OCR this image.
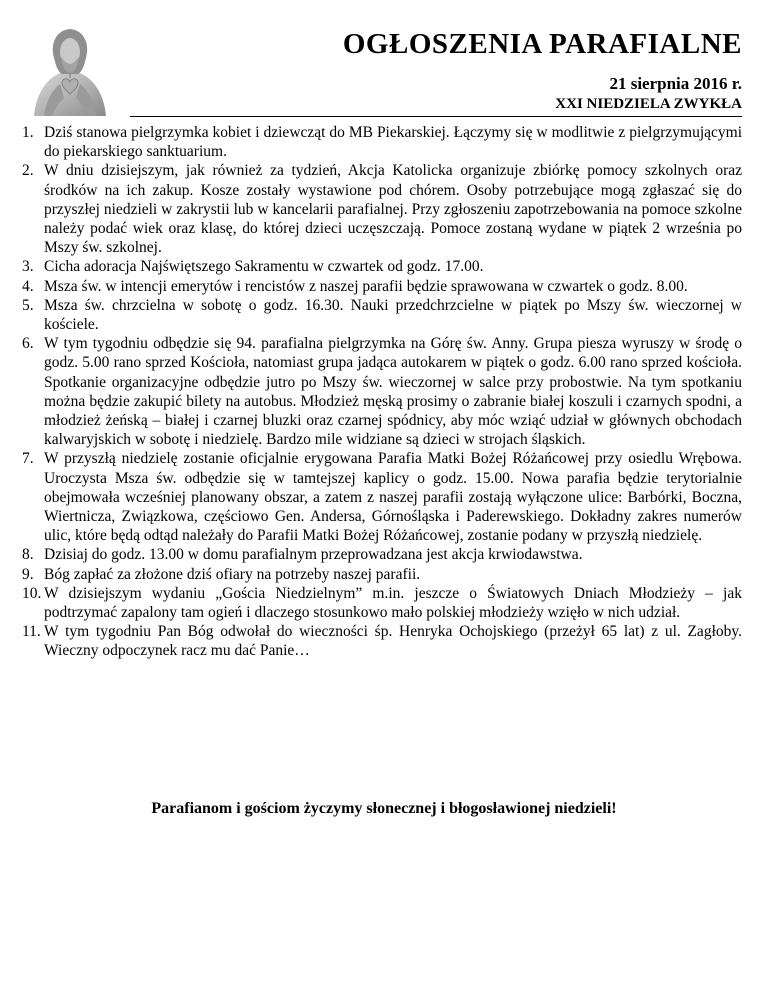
OGŁOSZENIA PARAFIALNE
21 sierpnia 2016 r.
XXI NIEDZIELA ZWYKŁA
1. Dziś stanowa pielgrzymka kobiet i dziewcząt do MB Piekarskiej. Łączymy się w modlitwie z pielgrzymującymi do piekarskiego sanktuarium.
2. W dniu dzisiejszym, jak również za tydzień, Akcja Katolicka organizuje zbiórkę pomocy szkolnych oraz środków na ich zakup. Kosze zostały wystawione pod chórem. Osoby potrzebujące mogą zgłaszać się do przyszłej niedzieli w zakrystii lub w kancelarii parafialnej. Przy zgłoszeniu zapotrzebowania na pomoce szkolne należy podać wiek oraz klasę, do której dzieci uczęszczają. Pomoce zostaną wydane w piątek 2 września po Mszy św. szkolnej.
3. Cicha adoracja Najświętszego Sakramentu w czwartek od godz. 17.00.
4. Msza św. w intencji emerytów i rencistów z naszej parafii będzie sprawowana w czwartek o godz. 8.00.
5. Msza św. chrzcielna w sobotę o godz. 16.30. Nauki przedchrzcielne w piątek po Mszy św. wieczornej w kościele.
6. W tym tygodniu odbędzie się 94. parafialna pielgrzymka na Górę św. Anny. Grupa piesza wyruszy w środę o godz. 5.00 rano sprzed Kościoła, natomiast grupa jadąca autokarem w piątek o godz. 6.00 rano sprzed kościoła. Spotkanie organizacyjne odbędzie jutro po Mszy św. wieczornej w salce przy probostwie. Na tym spotkaniu można będzie zakupić bilety na autobus. Młodzież męską prosimy o zabranie białej koszuli i czarnych spodni, a młodzież żeńską – białej i czarnej bluzki oraz czarnej spódnicy, aby móc wziąć udział w głównych obchodach kalwaryjskich w sobotę i niedzielę. Bardzo mile widziane są dzieci w strojach śląskich.
7. W przyszłą niedzielę zostanie oficjalnie erygowana Parafia Matki Bożej Różańcowej przy osiedlu Wrębowa. Uroczysta Msza św. odbędzie się w tamtejszej kaplicy o godz. 15.00. Nowa parafia będzie terytorialnie obejmowała wcześniej planowany obszar, a zatem z naszej parafii zostają wyłączone ulice: Barbórki, Boczna, Wiertnicza, Związkowa, częściowo Gen. Andersa, Górnośląska i Paderewskiego. Dokładny zakres numerów ulic, które będą odtąd należały do Parafii Matki Bożej Różańcowej, zostanie podany w przyszłą niedzielę.
8. Dzisiaj do godz. 13.00 w domu parafialnym przeprowadzana jest akcja krwiodawstwa.
9. Bóg zapłać za złożone dziś ofiary na potrzeby naszej parafii.
10. W dzisiejszym wydaniu „Gościa Niedzielnym” m.in. jeszcze o Światowych Dniach Młodzieży – jak podtrzymać zapalony tam ogień i dlaczego stosunkowo mało polskiej młodzieży wzięło w nich udział.
11. W tym tygodniu Pan Bóg odwołał do wieczności śp. Henryka Ochojskiego (przeżył 65 lat) z ul. Zagłoby. Wieczny odpoczynek racz mu dać Panie…
Parafianom i gościom życzymy słonecznej i błogosławionej niedzieli!
